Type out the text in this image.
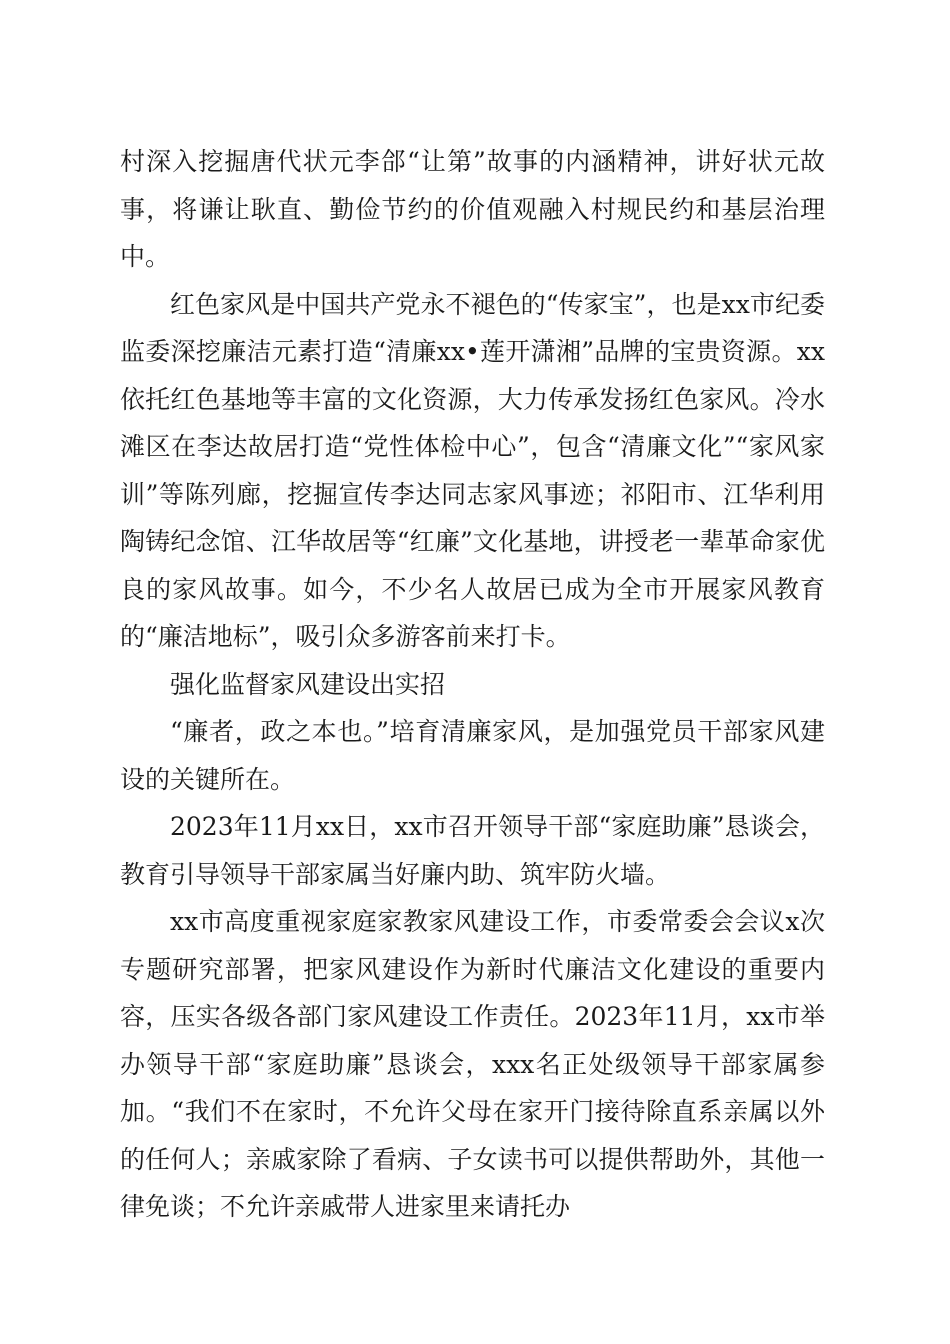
村深入挖掘唐代状元李郃“让第”故事的内涵精神，讲好状元故事，将谦让耿直、勤俭节约的价值观融入村规民约和基层治理中。

红色家风是中国共产党永不褪色的“传家宝”，也是xx市纪委监委深挖廉洁元素打造“清廉xx•莲开潇湘”品牌的宝贵资源。xx依托红色基地等丰富的文化资源，大力传承发扬红色家风。冷水滩区在李达故居打造“党性体检中心”，包含“清廉文化”“家风家训”等陈列廊，挖掘宣传李达同志家风事迹；祁阳市、江华利用陶铸纪念馆、江华故居等“红廉”文化基地，讲授老一辈革命家优良的家风故事。如今，不少名人故居已成为全市开展家风教育的“廉洁地标”，吸引众多游客前来打卡。

强化监督家风建设出实招

“廉者，政之本也。”培育清廉家风，是加强党员干部家风建设的关键所在。

2023年11月xx日，xx市召开领导干部“家庭助廉”恳谈会，教育引导领导干部家属当好廉内助、筑牢防火墙。

xx市高度重视家庭家教家风建设工作，市委常委会会议x次专题研究部署，把家风建设作为新时代廉洁文化建设的重要内容，压实各级各部门家风建设工作责任。2023年11月，xx市举办领导干部“家庭助廉”恳谈会，xxx名正处级领导干部家属参加。“我们不在家时，不允许父母在家开门接待除直系亲属以外的任何人；亲戚家除了看病、子女读书可以提供帮助外，其他一律免谈；不允许亲戚带人进家里来请托办
